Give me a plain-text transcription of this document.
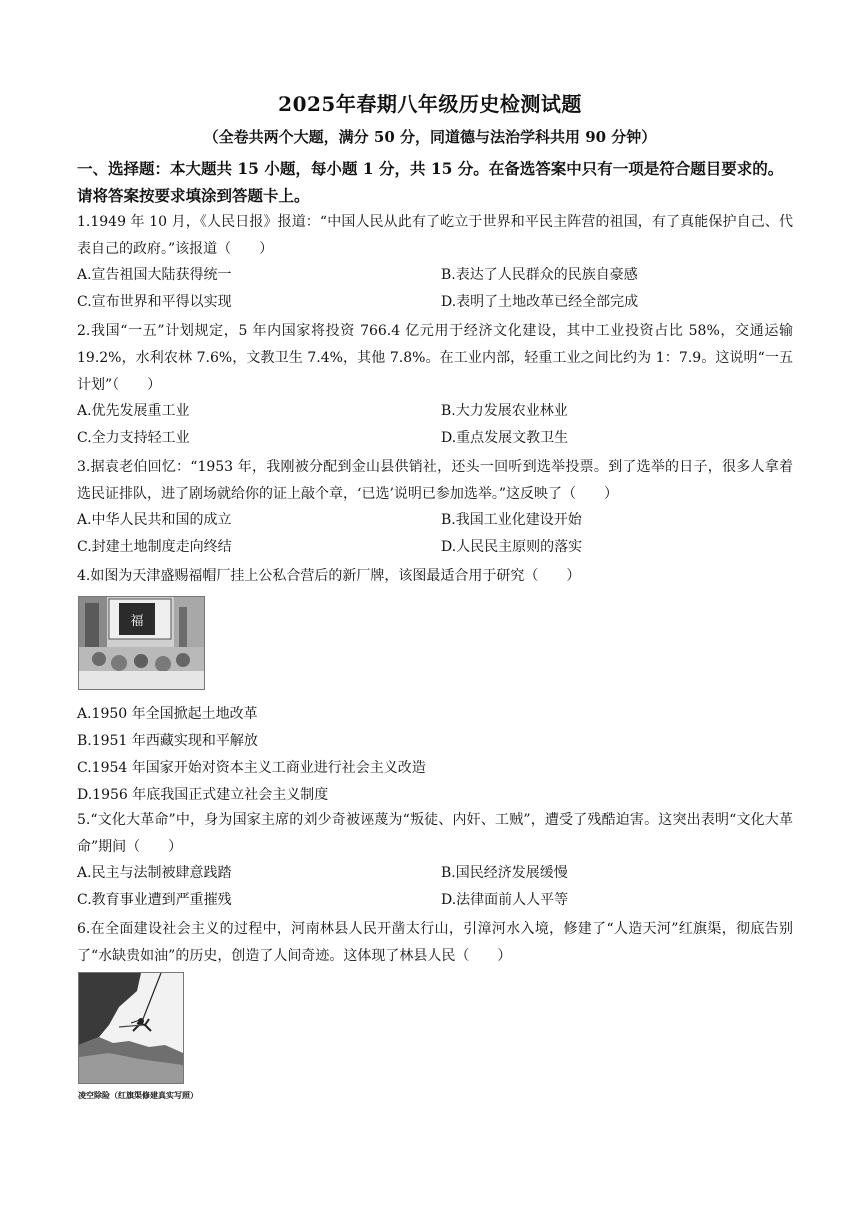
2025年春期八年级历史检测试题
（全卷共两个大题，满分 50 分，同道德与法治学科共用 90 分钟）
一、选择题：本大题共 15 小题，每小题 1 分，共 15 分。在备选答案中只有一项是符合题目要求的。请将答案按要求填涂到答题卡上。
1.1949 年 10 月，《人民日报》报道：“中国人民从此有了屹立于世界和平民主阵营的祖国，有了真能保护自己、代表自己的政府。”该报道（　　）
A.宣告祖国大陆获得统一	B.表达了人民群众的民族自豪感
C.宣布世界和平得以实现	D.表明了土地改革已经全部完成
2.我国“一五”计划规定，5 年内国家将投资 766.4 亿元用于经济文化建设，其中工业投资占比 58%，交通运输 19.2%，水利农林 7.6%，文教卫生 7.4%，其他 7.8%。在工业内部，轻重工业之间比约为 1：7.9。这说明“一五计划”（　　）
A.优先发展重工业	B.大力发展农业林业
C.全力支持轻工业	D.重点发展文教卫生
3.据袁老伯回忆：“1953 年，我刚被分配到金山县供销社，还头一回听到选举投票。到了选举的日子，很多人拿着选民证排队，进了剧场就给你的证上敲个章，‘已选’说明已参加选举。”这反映了（　　）
A.中华人民共和国的成立	B.我国工业化建设开始
C.封建土地制度走向终结	D.人民民主原则的落实
4.如图为天津盛赐福帽厂挂上公私合营后的新厂牌，该图最适合用于研究（　　）
福
A.1950 年全国掀起土地改革
B.1951 年西藏实现和平解放
C.1954 年国家开始对资本主义工商业进行社会主义改造
D.1956 年底我国正式建立社会主义制度
5.“文化大革命”中，身为国家主席的刘少奇被诬蔑为“叛徒、内奸、工贼”，遭受了残酷迫害。这突出表明“文化大革命”期间（　　）
A.民主与法制被肆意践踏	B.国民经济发展缓慢
C.教育事业遭到严重摧残	D.法律面前人人平等
6.在全面建设社会主义的过程中，河南林县人民开凿太行山，引漳河水入境，修建了“人造天河”红旗渠，彻底告别了“水缺贵如油”的历史，创造了人间奇迹。这体现了林县人民（　　）
凌空除险（红旗渠修建真实写照）
